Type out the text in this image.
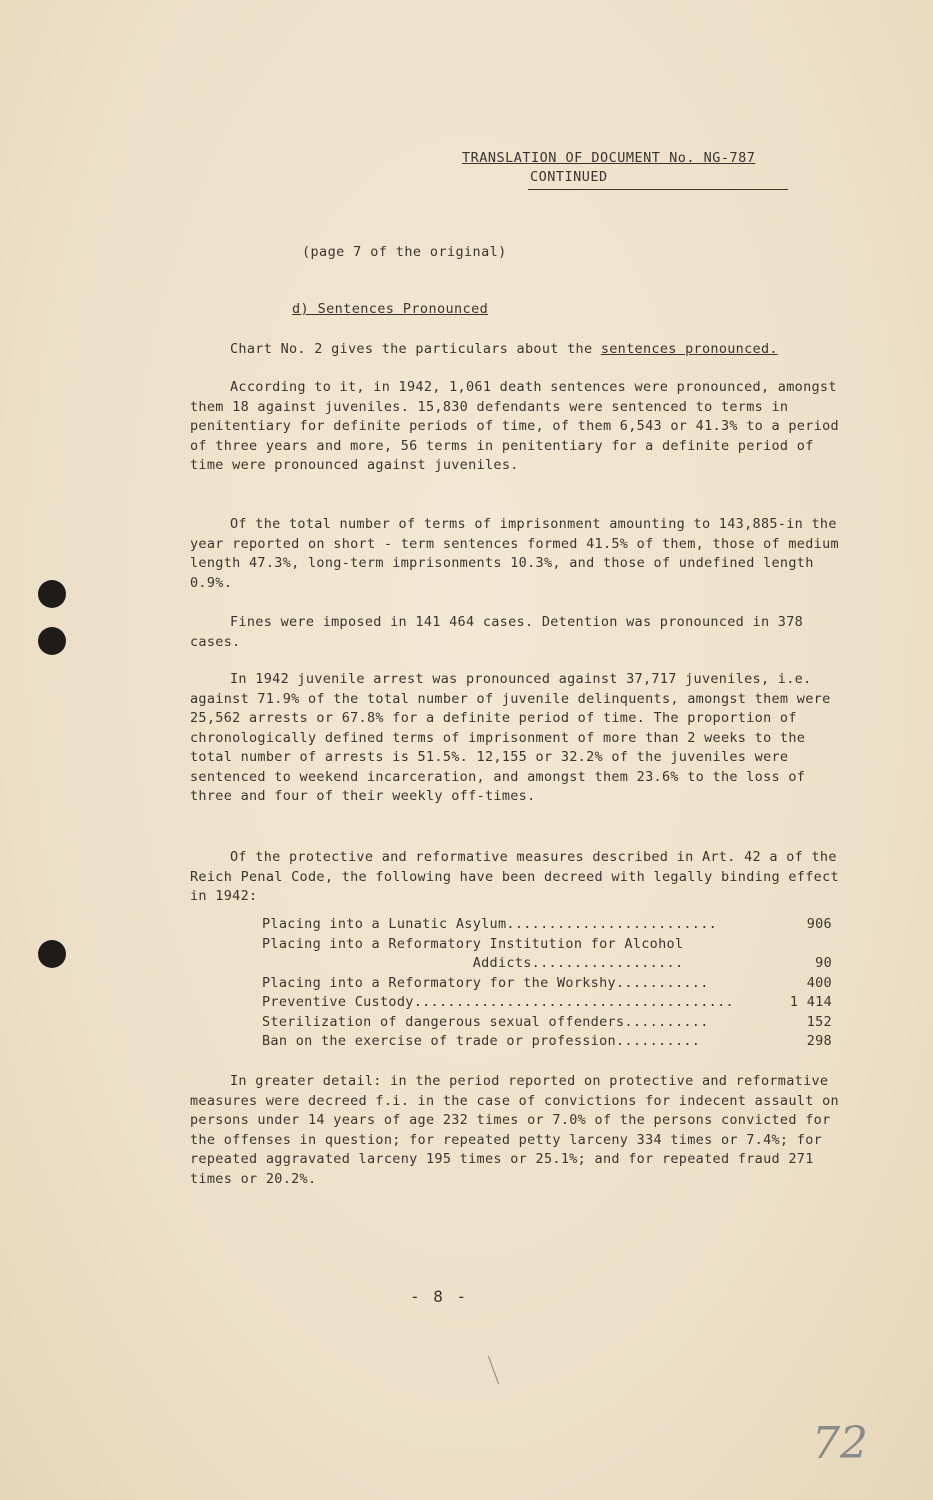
TRANSLATION OF DOCUMENT No. NG-787
CONTINUED
(page 7 of the original)
d) Sentences Pronounced

Chart No. 2 gives the particulars about the sentences pronounced.

According to it, in 1942, 1,061 death sentences were pronounced, amongst them 18 against juveniles. 15,830 defendants were sentenced to terms in penitentiary for definite periods of time, of them 6,543 or 41.3% to a period of three years and more, 56 terms in penitentiary for a definite period of time were pronounced against juveniles.

Of the total number of terms of imprisonment amounting to 143,885-in the year reported on short - term sentences formed 41.5% of them, those of medium length 47.3%, long-term imprisonments 10.3%, and those of undefined length 0.9%.

Fines were imposed in 141 464 cases. Detention was pronounced in 378 cases.

In 1942 juvenile arrest was pronounced against 37,717 juveniles, i.e. against 71.9% of the total number of juvenile delinquents, amongst them were 25,562 arrests or 67.8% for a definite period of time. The proportion of chronologically defined terms of imprisonment of more than 2 weeks to the total number of arrests is 51.5%. 12,155 or 32.2% of the juveniles were sentenced to weekend incarceration, and amongst them 23.6% to the loss of three and four of their weekly off-times.

Of the protective and reformative measures described in Art. 42 a of the Reich Penal Code, the following have been decreed with legally binding effect in 1942:

Placing into a Lunatic Asylum.........................	906
Placing into a Reformatory Institution for Alcohol
Addicts..................	90
Placing into a Reformatory for the Workshy...........	400
Preventive Custody......................................	1 414
Sterilization of dangerous sexual offenders..........	152
Ban on the exercise of trade or profession..........	298

In greater detail: in the period reported on protective and reformative measures were decreed f.i. in the case of convictions for indecent assault on persons under 14 years of age 232 times or 7.0% of the persons convicted for the offenses in question; for repeated petty larceny 334 times or 7.4%; for repeated aggravated larceny 195 times or 25.1%; and for repeated fraud 271 times or 20.2%.

- 8 -
72
